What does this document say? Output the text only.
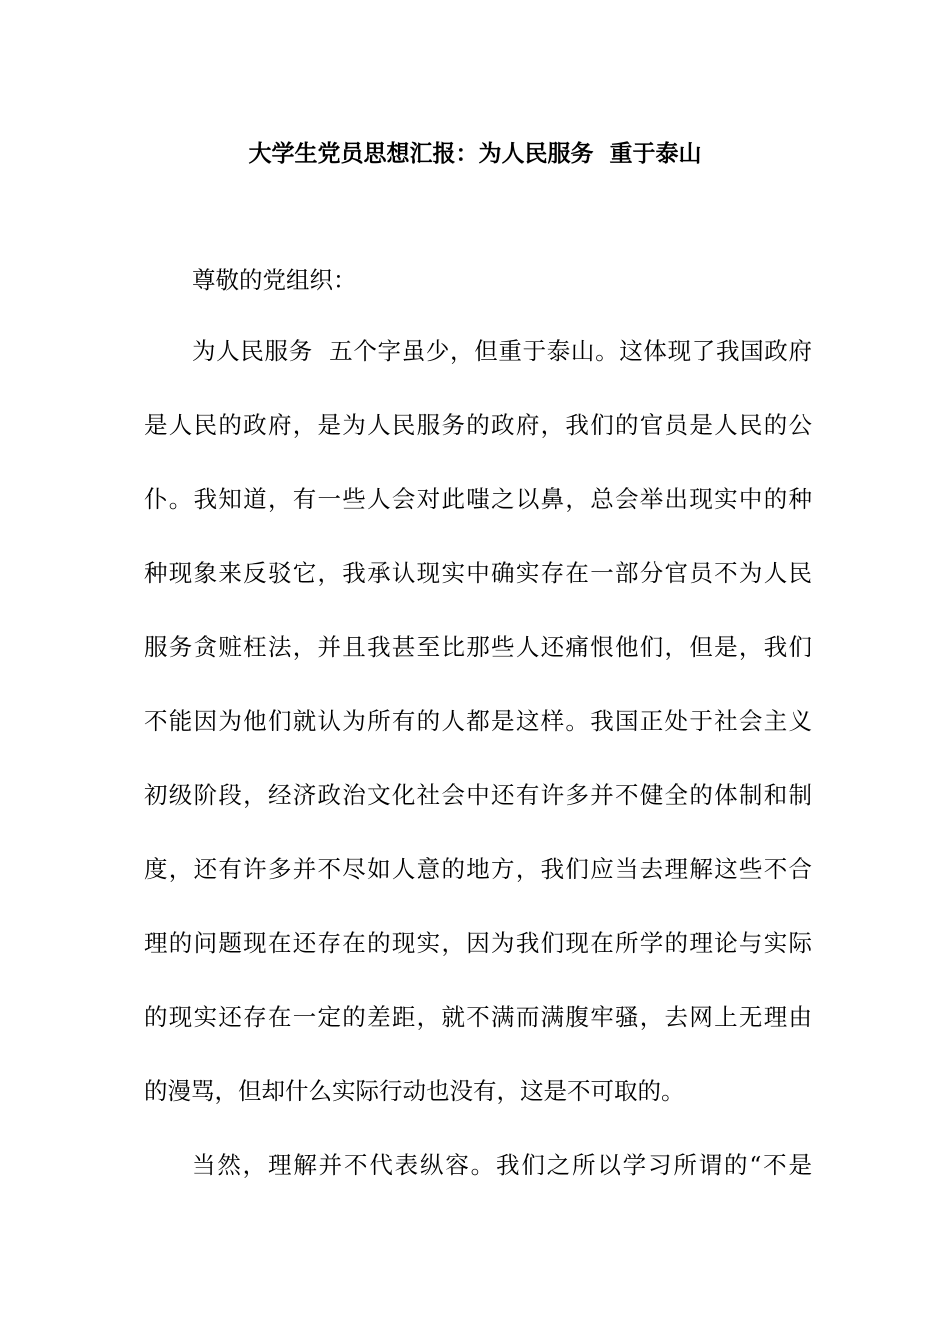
大学生党员思想汇报：为人民服务  重于泰山
尊敬的党组织：
为人民服务  五个字虽少，但重于泰山。这体现了我国政府
是人民的政府，是为人民服务的政府，我们的官员是人民的公
仆。我知道，有一些人会对此嗤之以鼻，总会举出现实中的种
种现象来反驳它，我承认现实中确实存在一部分官员不为人民
服务贪赃枉法，并且我甚至比那些人还痛恨他们，但是，我们
不能因为他们就认为所有的人都是这样。我国正处于社会主义
初级阶段，经济政治文化社会中还有许多并不健全的体制和制
度，还有许多并不尽如人意的地方，我们应当去理解这些不合
理的问题现在还存在的现实，因为我们现在所学的理论与实际
的现实还存在一定的差距，就不满而满腹牢骚，去网上无理由
的漫骂，但却什么实际行动也没有，这是不可取的。
当然，理解并不代表纵容。我们之所以学习所谓的“不是
